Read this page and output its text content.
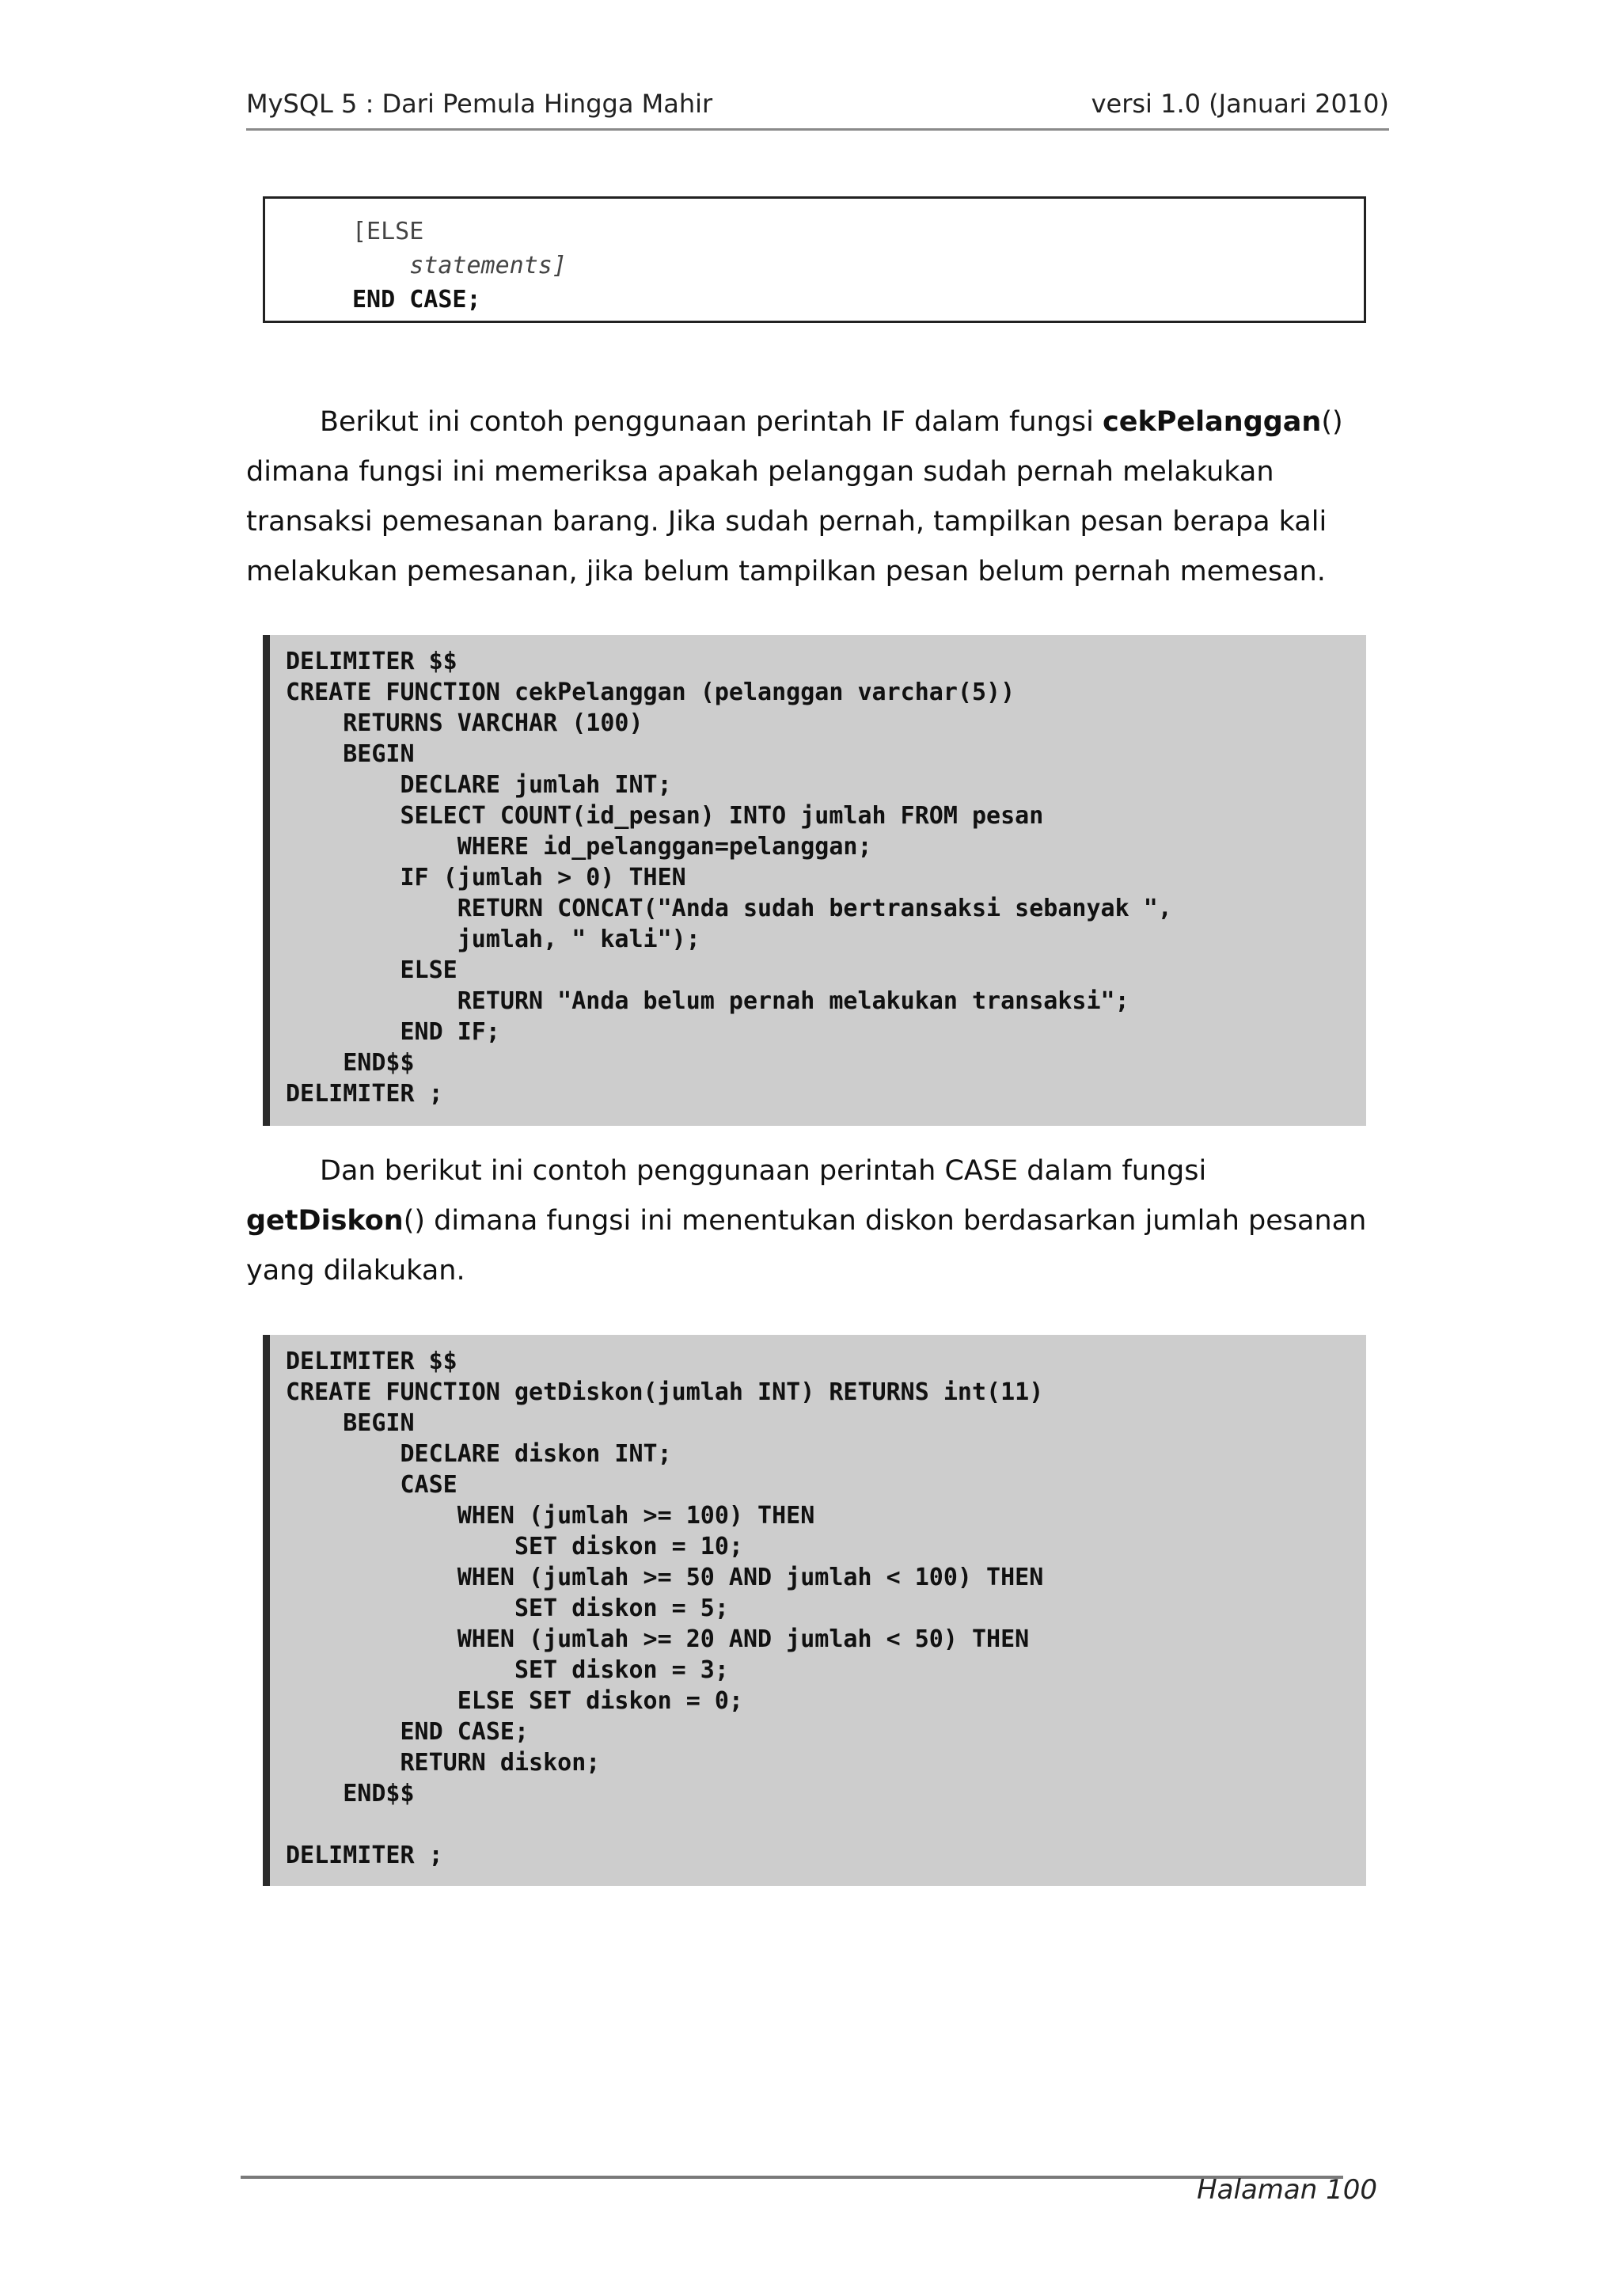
MySQL 5 : Dari Pemula Hingga Mahir	versi 1.0 (Januari 2010)
[ELSE
statements]
END CASE;
Berikut ini contoh penggunaan perintah IF dalam fungsi cekPelanggan()
dimana fungsi ini memeriksa apakah pelanggan sudah pernah melakukan
transaksi pemesanan barang. Jika sudah pernah, tampilkan pesan berapa kali
melakukan pemesanan, jika belum tampilkan pesan belum pernah memesan.
DELIMITER $$
CREATE FUNCTION cekPelanggan (pelanggan varchar(5))
RETURNS VARCHAR (100)
BEGIN
DECLARE jumlah INT;
SELECT COUNT(id_pesan) INTO jumlah FROM pesan
WHERE id_pelanggan=pelanggan;
IF (jumlah > 0) THEN
RETURN CONCAT("Anda sudah bertransaksi sebanyak ",
jumlah, " kali");
ELSE
RETURN "Anda belum pernah melakukan transaksi";
END IF;
END$$
DELIMITER ;
Dan berikut ini contoh penggunaan perintah CASE dalam fungsi
getDiskon() dimana fungsi ini menentukan diskon berdasarkan jumlah pesanan
yang dilakukan.
DELIMITER $$
CREATE FUNCTION getDiskon(jumlah INT) RETURNS int(11)
BEGIN
DECLARE diskon INT;
CASE
WHEN (jumlah >= 100) THEN
SET diskon = 10;
WHEN (jumlah >= 50 AND jumlah < 100) THEN
SET diskon = 5;
WHEN (jumlah >= 20 AND jumlah < 50) THEN
SET diskon = 3;
ELSE SET diskon = 0;
END CASE;
RETURN diskon;
END$$
DELIMITER ;
Halaman 100
